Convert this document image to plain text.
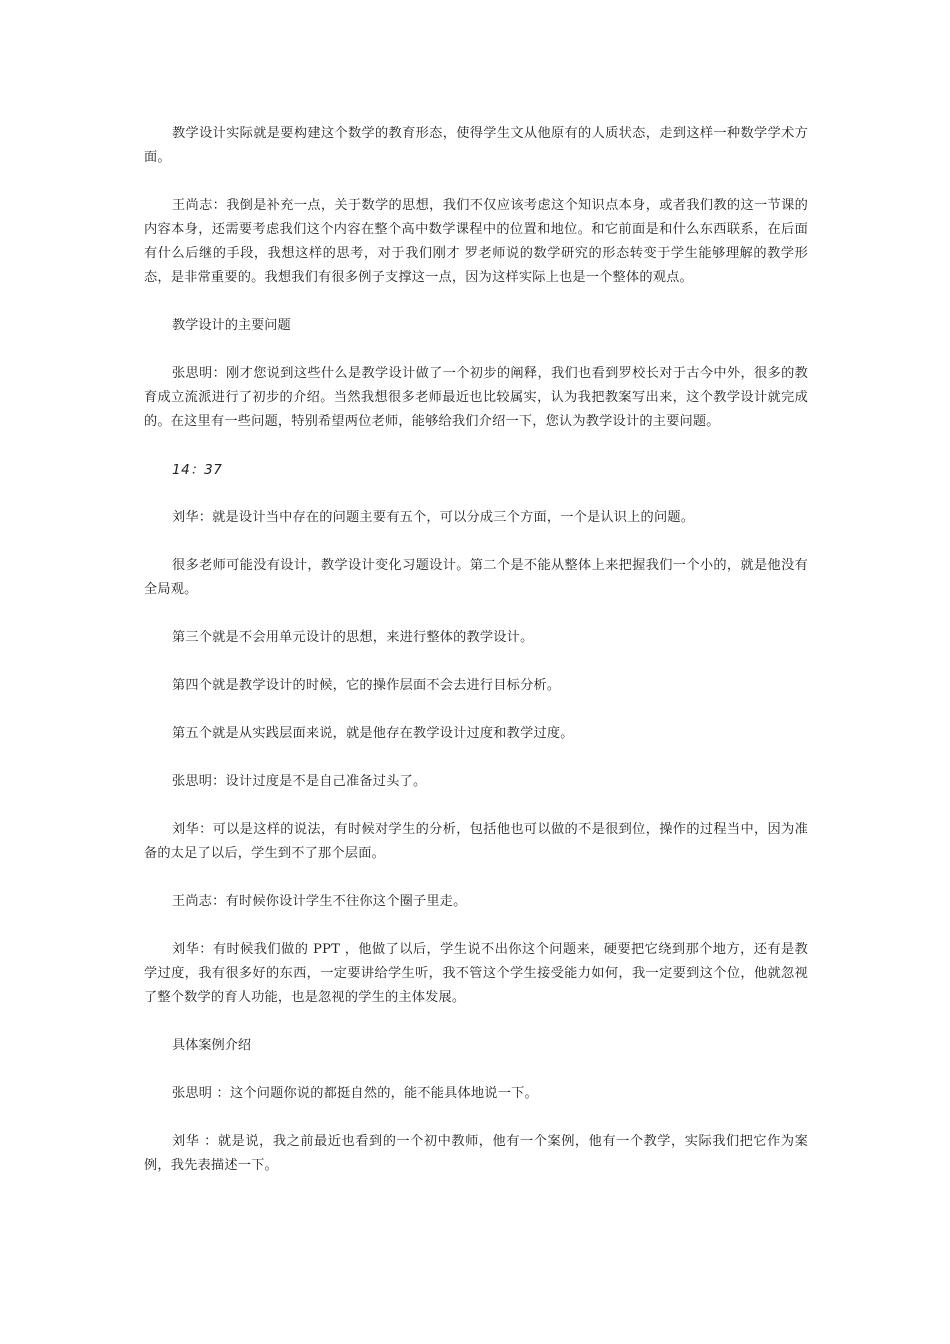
教学设计实际就是要构建这个数学的教育形态，使得学生文从他原有的人质状态，走到这样一种数学学术方面。

王尚志：我倒是补充一点，关于数学的思想，我们不仅应该考虑这个知识点本身，或者我们教的这一节课的内容本身，还需要考虑我们这个内容在整个高中数学课程中的位置和地位。和它前面是和什么东西联系，在后面有什么后继的手段，我想这样的思考，对于我们刚才 罗老师说的数学研究的形态转变于学生能够理解的教学形态，是非常重要的。我想我们有很多例子支撑这一点，因为这样实际上也是一个整体的观点。

教学设计的主要问题

张思明：刚才您说到这些什么是教学设计做了一个初步的阐释，我们也看到罗校长对于古今中外，很多的教育成立流派进行了初步的介绍。当然我想很多老师最近也比较属实，认为我把教案写出来，这个教学设计就完成的。在这里有一些问题，特别希望两位老师，能够给我们介绍一下，您认为教学设计的主要问题。

14：37

刘华：就是设计当中存在的问题主要有五个，可以分成三个方面，一个是认识上的问题。

很多老师可能没有设计，教学设计变化习题设计。第二个是不能从整体上来把握我们一个小的，就是他没有全局观。

第三个就是不会用单元设计的思想，来进行整体的教学设计。

第四个就是教学设计的时候，它的操作层面不会去进行目标分析。

第五个就是从实践层面来说，就是他存在教学设计过度和教学过度。

张思明：设计过度是不是自己准备过头了。

刘华：可以是这样的说法，有时候对学生的分析，包括他也可以做的不是很到位，操作的过程当中，因为准备的太足了以后，学生到不了那个层面。

王尚志：有时候你设计学生不往你这个圈子里走。

刘华：有时候我们做的 PPT ，他做了以后，学生说不出你这个问题来，硬要把它绕到那个地方，还有是教学过度，我有很多好的东西，一定要讲给学生听，我不管这个学生接受能力如何，我一定要到这个位，他就忽视了整个数学的育人功能，也是忽视的学生的主体发展。

具体案例介绍

张思明 ：这个问题你说的都挺自然的，能不能具体地说一下。

刘华 ：就是说，我之前最近也看到的一个初中教师，他有一个案例，他有一个教学，实际我们把它作为案例，我先表描述一下。
